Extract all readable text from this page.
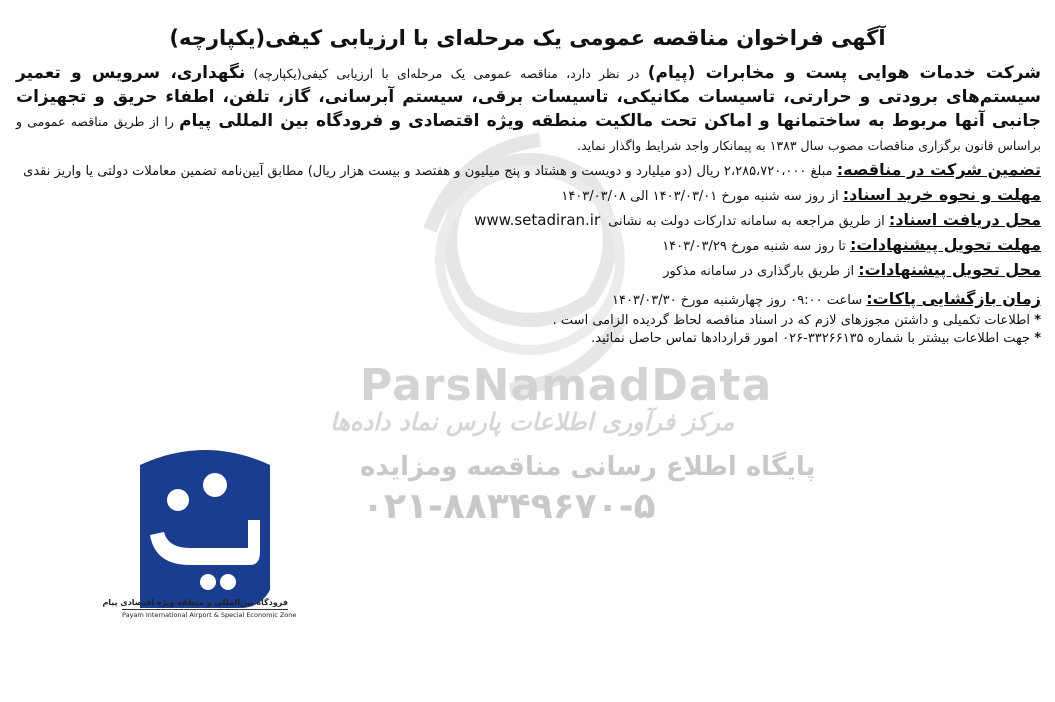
ParsNamadData
مرکز فرآوری اطلاعات پارس نماد داده‌ها
پایگاه اطلاع رسانی مناقصه ومزایده
۰۲۱-۸۸۳۴۹۶۷۰-۵
آگهی فراخوان مناقصه عمومی یک مرحله‌ای با ارزیابی کیفی(یکپارچه)

شرکت خدمات هوایی پست و مخابرات (پیام) در نظر دارد، مناقصه عمومی یک مرحله‌ای با ارزیابی کیفی(یکپارچه) نگهداری، سرویس و تعمیر سیستم‌های برودتی و حرارتی، تاسیسات مکانیکی، تاسیسات برقی، سیستم آبرسانی، گاز، تلفن، اطفاء حریق و تجهیزات جانبی آنها مربوط به ساختمانها و اماکن تحت مالکیت منطقه ویژه اقتصادی و فرودگاه بین المللی پیام را از طریق مناقصه عمومی و براساس قانون برگزاری مناقصات مصوب سال ۱۳۸۳ به پیمانکار واجد شرایط واگذار نماید.

تضمین شرکت در مناقصه: مبلغ ۲،۲۸۵،۷۲۰،۰۰۰ ریال (دو میلیارد و دویست و هشتاد و پنج میلیون و هفتصد و بیست هزار ریال) مطابق آیین‌نامه تضمین معاملات دولتی یا واریز نقدی

مهلت و نحوه خرید اسناد: از روز سه شنبه مورخ ۱۴۰۳/۰۳/۰۱ الی ۱۴۰۳/۰۳/۰۸

محل دریافت اسناد: از طریق مراجعه به سامانه تدارکات دولت به نشانیwww.setadiran.ir

مهلت تحویل پیشنهادات: تا روز سه شنبه مورخ ۱۴۰۳/۰۳/۲۹

محل تحویل پیشنهادات: از طریق بارگذاری در سامانه مذکور

زمان بازگشایی پاکات: ساعت ۰۹:۰۰ روز چهارشنبه مورخ ۱۴۰۳/۰۳/۳۰

* اطلاعات تکمیلی و داشتن مجوزهای لازم که در اسناد مناقصه لحاظ گردیده الزامی است .

* جهت اطلاعات بیشتر با شماره ۳۳۲۶۶۱۳۵-۰۲۶ امور قراردادها تماس حاصل نمائید.

پیام
فرودگاه بین‌المللی و منطقه ویژه اقتصادی پیام
Payam International Airport & Special Economic Zone
